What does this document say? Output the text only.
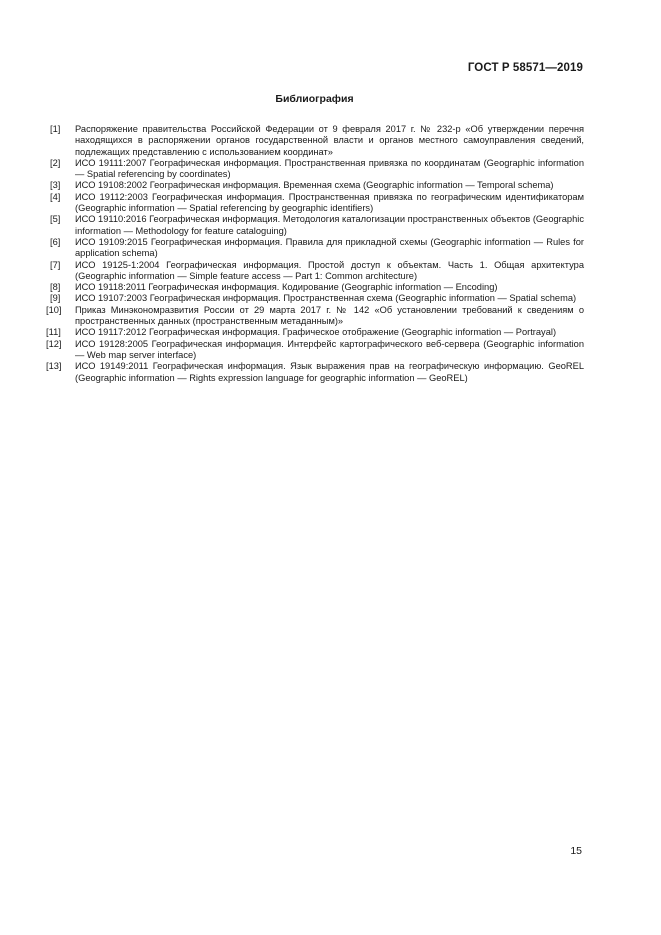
ГОСТ Р 58571—2019
Библиография
[1]	Распоряжение правительства Российской Федерации от 9 февраля 2017 г. № 232-р «Об утверждении перечня находящихся в распоряжении органов государственной власти и органов местного самоуправления сведений, подлежащих представлению с использованием координат»
[2]	ИСО 19111:2007 Географическая информация. Пространственная привязка по координатам (Geographic information — Spatial referencing by coordinates)
[3]	ИСО 19108:2002 Географическая информация. Временная схема (Geographic information — Temporal schema)
[4]	ИСО 19112:2003 Географическая информация. Пространственная привязка по географическим идентификаторам (Geographic information — Spatial referencing by geographic identifiers)
[5]	ИСО 19110:2016 Географическая информация. Методология каталогизации пространственных объектов (Geographic information — Methodology for feature cataloguing)
[6]	ИСО 19109:2015 Географическая информация. Правила для прикладной схемы (Geographic information — Rules for application schema)
[7]	ИСО 19125-1:2004 Географическая информация. Простой доступ к объектам. Часть 1. Общая архитектура (Geographic information — Simple feature access — Part 1: Common architecture)
[8]	ИСО 19118:2011 Географическая информация. Кодирование (Geographic information — Encoding)
[9]	ИСО 19107:2003 Географическая информация. Пространственная схема (Geographic information — Spatial schema)
[10]	Приказ Минэкономразвития России от 29 марта 2017 г. № 142 «Об установлении требований к сведениям о пространственных данных (пространственным метаданным)»
[11]	ИСО 19117:2012 Географическая информация. Графическое отображение (Geographic information — Portrayal)
[12]	ИСО 19128:2005 Географическая информация. Интерфейс картографического веб-сервера (Geographic information — Web map server interface)
[13]	ИСО 19149:2011 Географическая информация. Язык выражения прав на географическую информацию. GeoREL (Geographic information — Rights expression language for geographic information — GeoREL)
15
